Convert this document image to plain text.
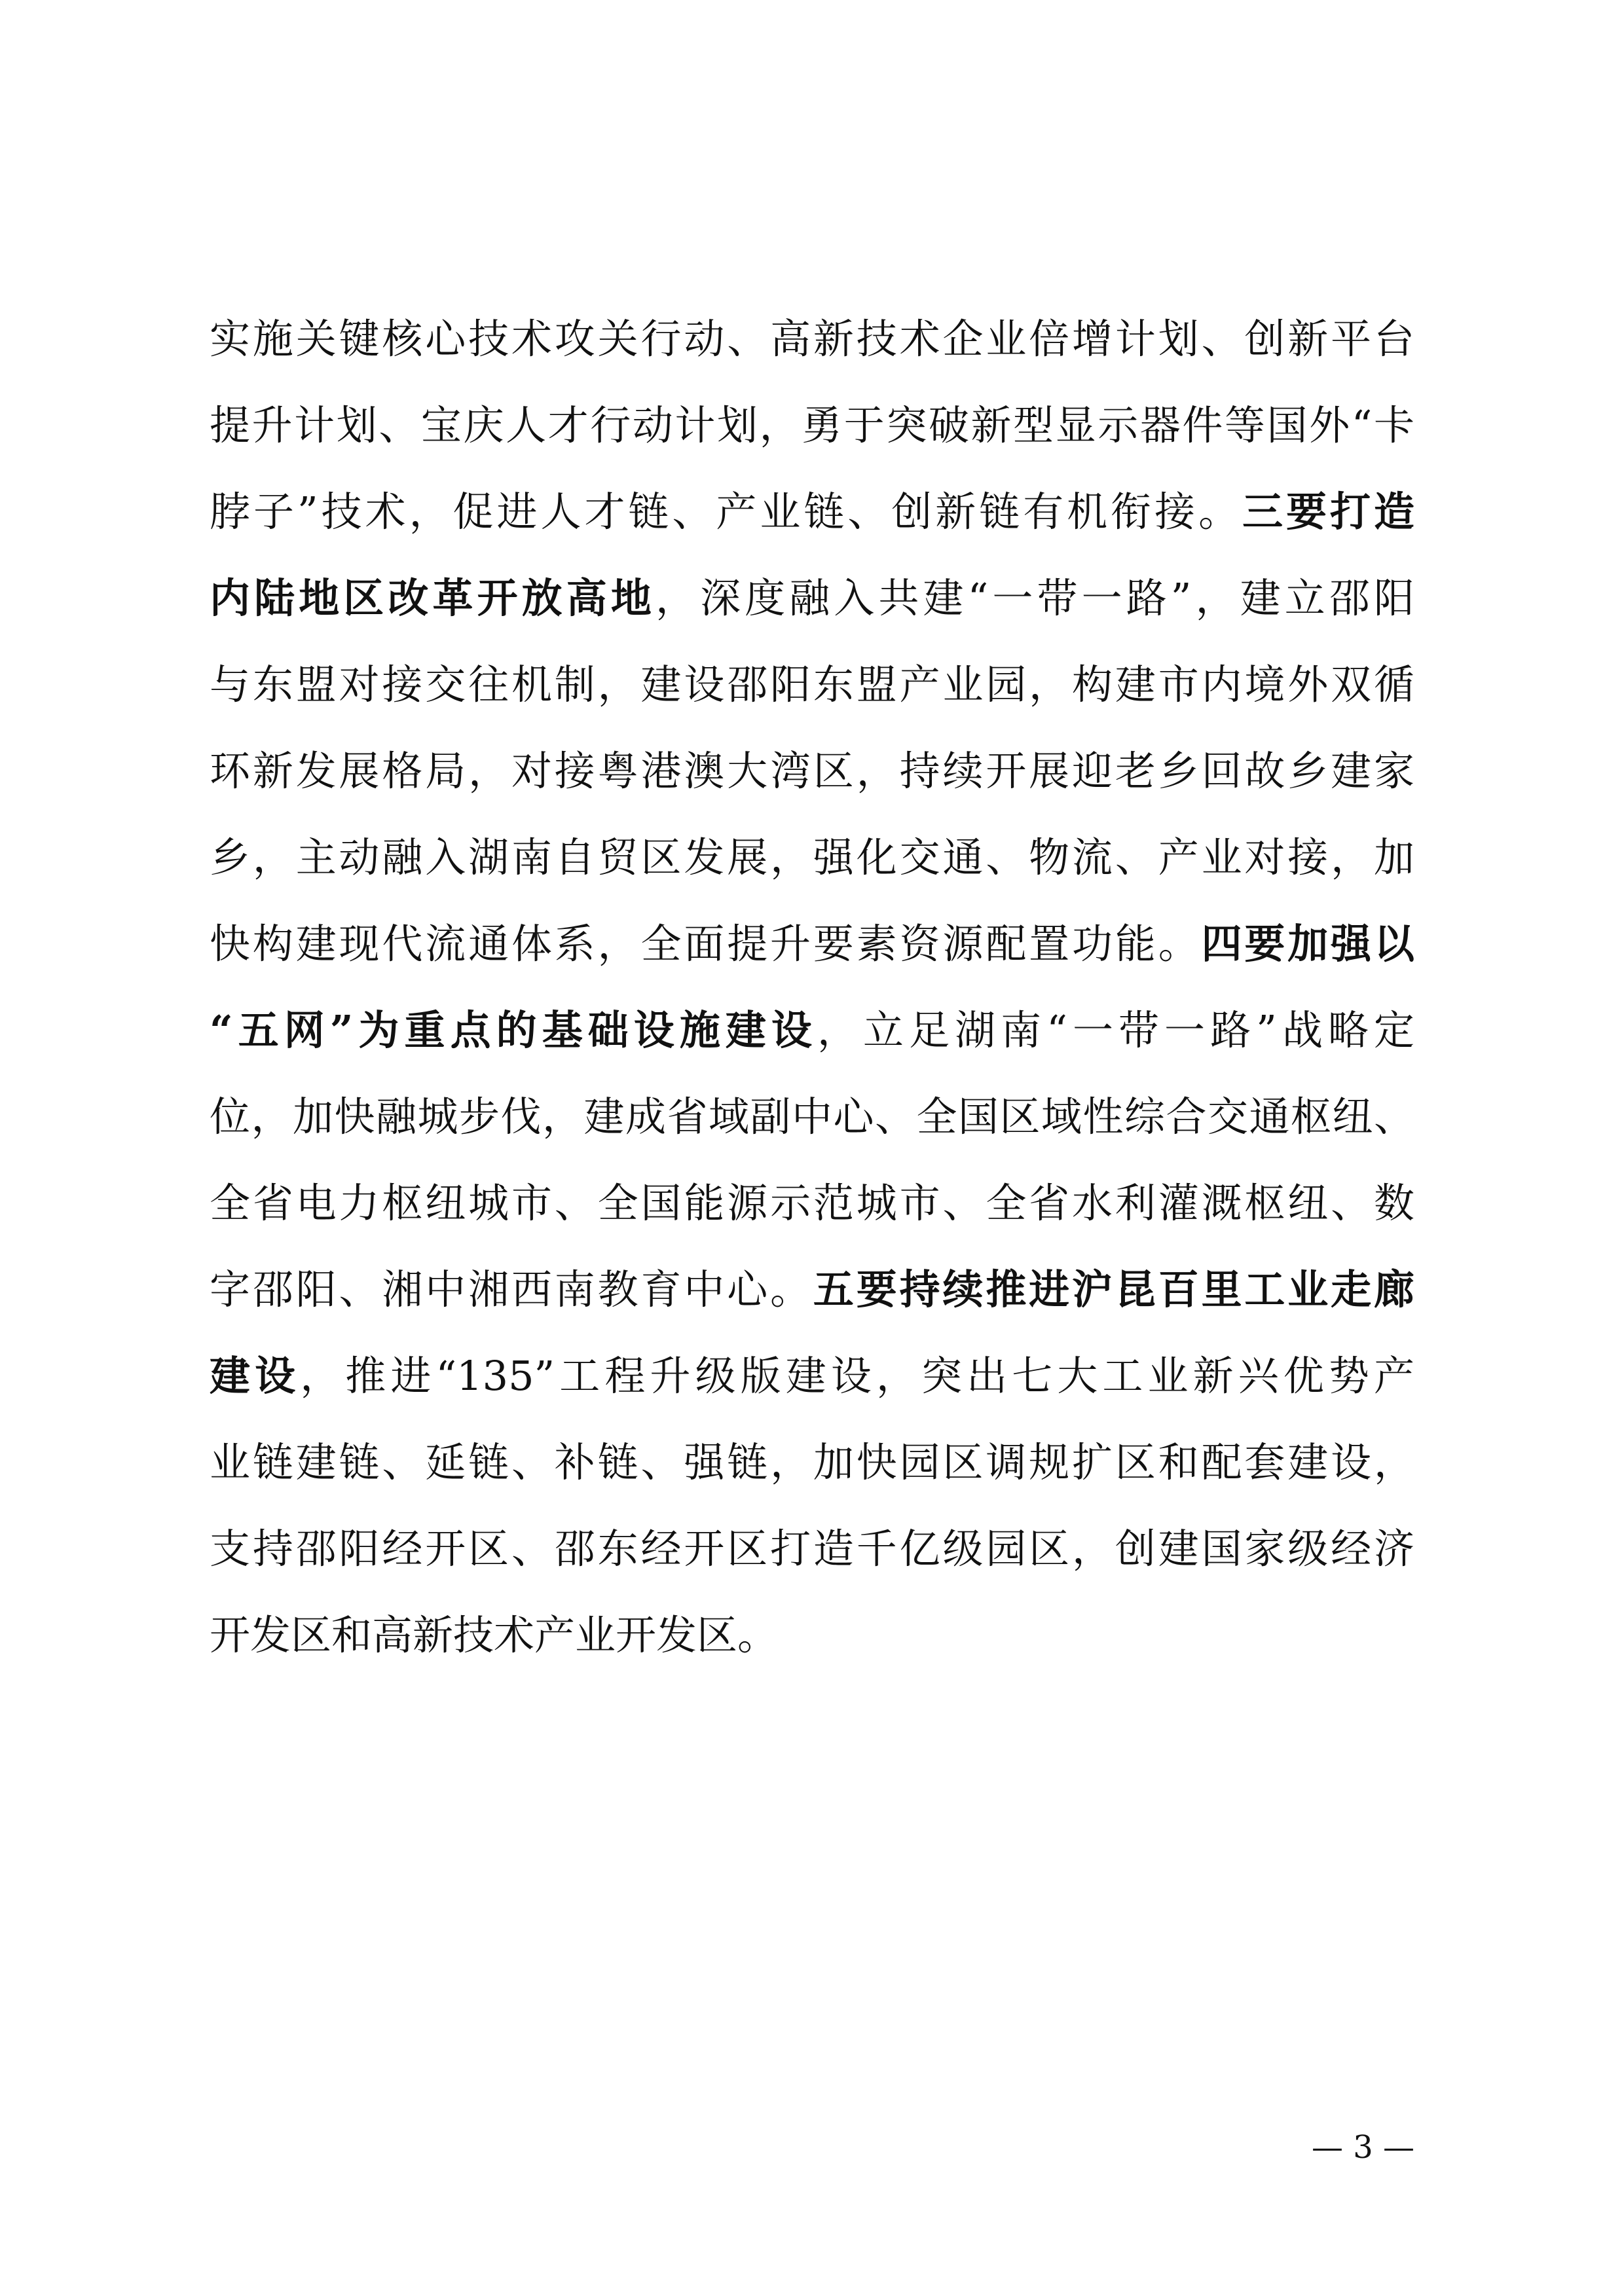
实施关键核心技术攻关行动、高新技术企业倍增计划、创新平台
提升计划、宝庆人才行动计划，勇于突破新型显示器件等国外“卡
脖子”技术，促进人才链、产业链、创新链有机衔接。三要打造
内陆地区改革开放高地，深度融入共建“一带一路”，建立邵阳
与东盟对接交往机制，建设邵阳东盟产业园，构建市内境外双循
环新发展格局，对接粤港澳大湾区，持续开展迎老乡回故乡建家
乡，主动融入湖南自贸区发展，强化交通、物流、产业对接，加
快构建现代流通体系，全面提升要素资源配置功能。四要加强以
“五网”为重点的基础设施建设，立足湖南“一带一路”战略定
位，加快融城步伐，建成省域副中心、全国区域性综合交通枢纽、
全省电力枢纽城市、全国能源示范城市、全省水利灌溉枢纽、数
字邵阳、湘中湘西南教育中心。五要持续推进沪昆百里工业走廊
建设，推进“135”工程升级版建设，突出七大工业新兴优势产
业链建链、延链、补链、强链，加快园区调规扩区和配套建设，
支持邵阳经开区、邵东经开区打造千亿级园区，创建国家级经济
开发区和高新技术产业开发区。
— 3 —
